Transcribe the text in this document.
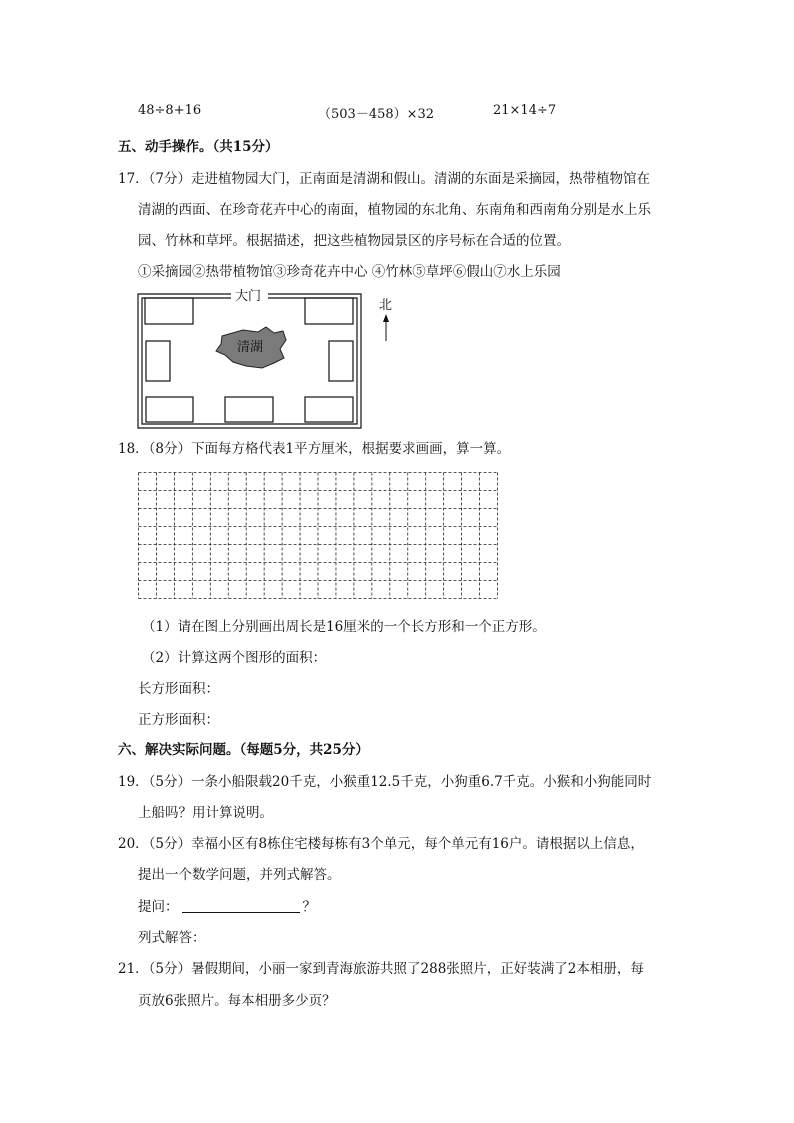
48÷8+16	（503－458）×32	21×14÷7
五、动手操作。（共15分）
17．（7分）走进植物园大门，正南面是清湖和假山。清湖的东面是采摘园，热带植物馆在
清湖的西面、在珍奇花卉中心的南面，植物园的东北角、东南角和西南角分别是水上乐
园、竹林和草坪。根据描述，把这些植物园景区的序号标在合适的位置。
①采摘园②热带植物馆③珍奇花卉中心 ④竹林⑤草坪⑥假山⑦水上乐园
大门
清湖
北
18．（8分）下面每方格代表1平方厘米，根据要求画画，算一算。
（1）请在图上分别画出周长是16厘米的一个长方形和一个正方形。
（2）计算这两个图形的面积：
长方形面积：
正方形面积：
六、解决实际问题。（每题5分，共25分）
19．（5分）一条小船限载20千克，小猴重12.5千克，小狗重6.7千克。小猴和小狗能同时
上船吗？用计算说明。
20．（5分）幸福小区有8栋住宅楼每栋有3个单元，每个单元有16户。请根据以上信息，
提出一个数学问题，并列式解答。
提问：	？
列式解答：
21．（5分）暑假期间，小丽一家到青海旅游共照了288张照片，正好装满了2本相册，每
页放6张照片。每本相册多少页？
